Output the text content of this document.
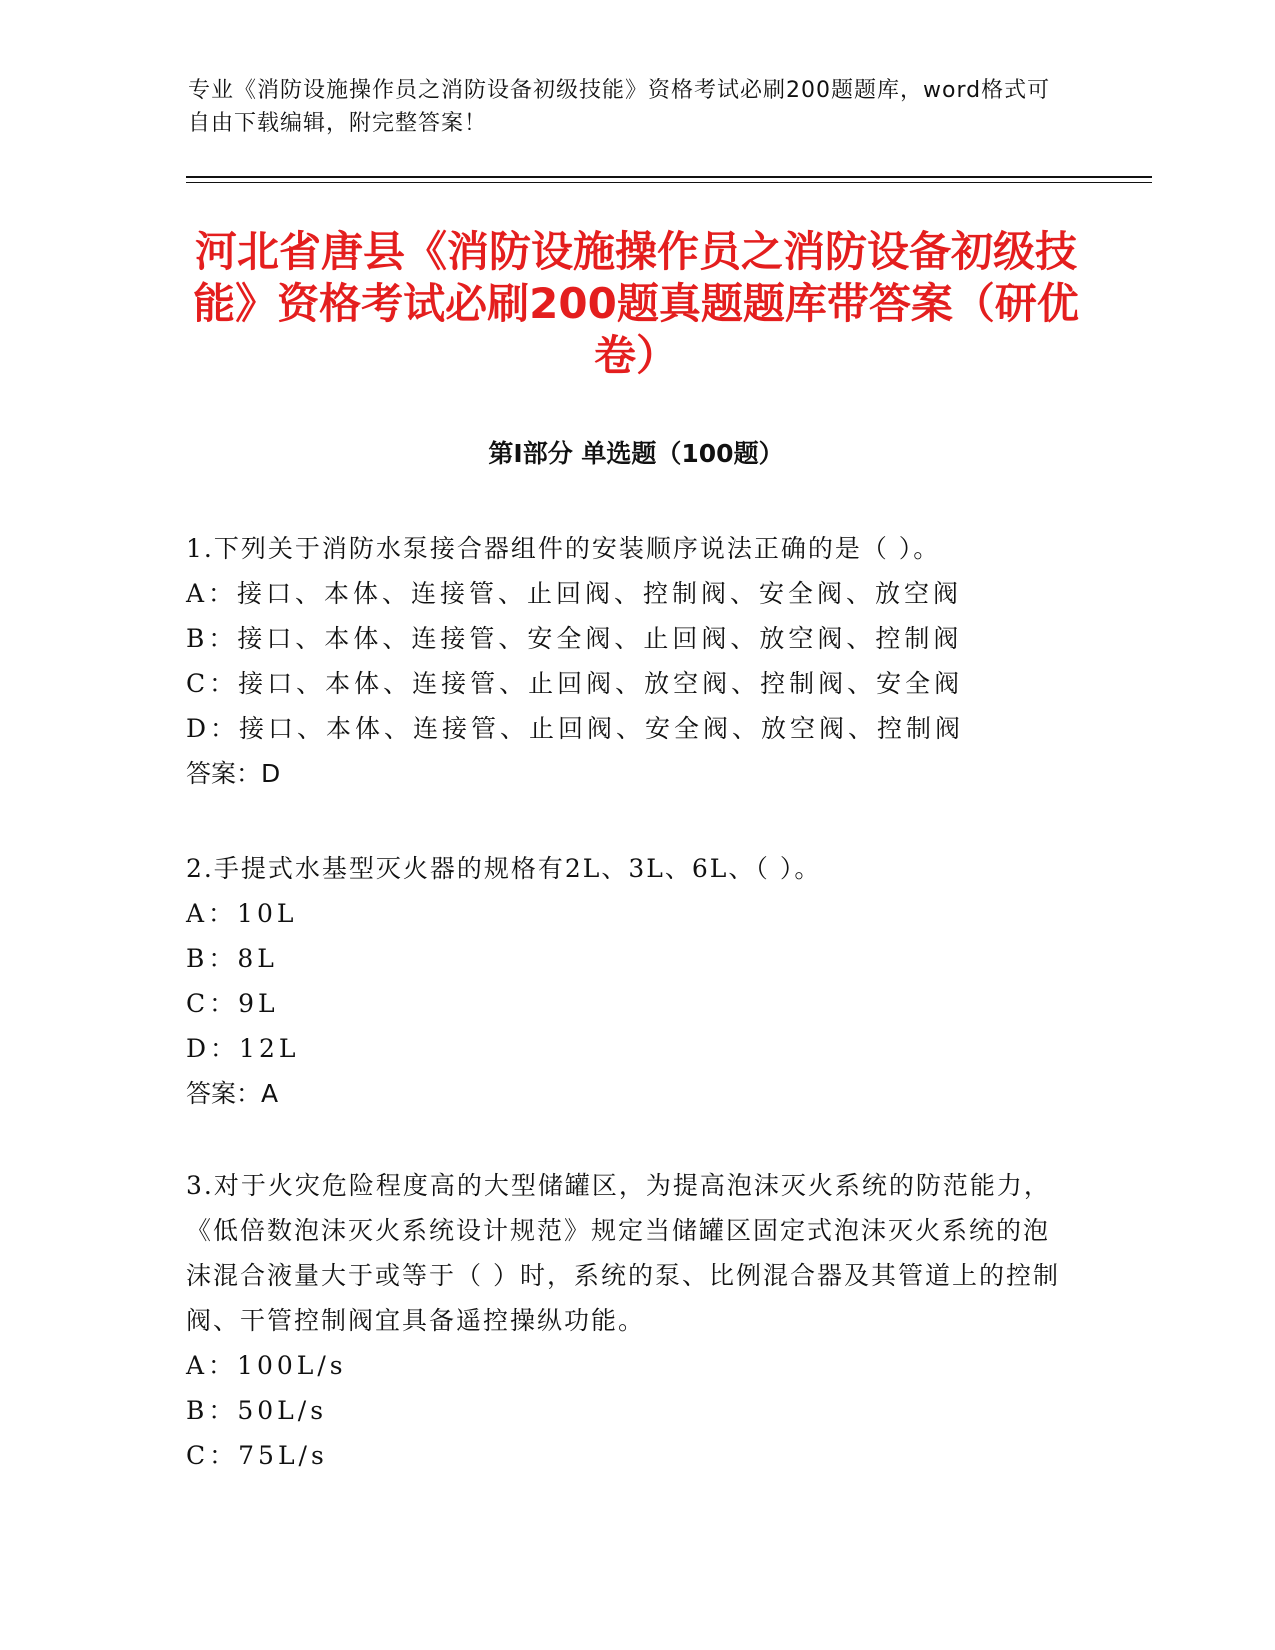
专业《消防设施操作员之消防设备初级技能》资格考试必刷200题题库，word格式可自由下载编辑，附完整答案！

河北省唐县《消防设施操作员之消防设备初级技能》资格考试必刷200题真题题库带答案（研优卷）
第I部分 单选题（100题）

1.下列关于消防水泵接合器组件的安装顺序说法正确的是（ ）。

A：接口、本体、连接管、止回阀、控制阀、安全阀、放空阀

B：接口、本体、连接管、安全阀、止回阀、放空阀、控制阀

C：接口、本体、连接管、止回阀、放空阀、控制阀、安全阀

D：接口、本体、连接管、止回阀、安全阀、放空阀、控制阀

答案：D

2.手提式水基型灭火器的规格有2L、3L、6L、（ ）。

A：10L

B：8L

C：9L

D：12L

答案：A

3.对于火灾危险程度高的大型储罐区，为提高泡沫灭火系统的防范能力，《低倍数泡沫灭火系统设计规范》规定当储罐区固定式泡沫灭火系统的泡沫混合液量大于或等于（ ）时，系统的泵、比例混合器及其管道上的控制阀、干管控制阀宜具备遥控操纵功能。

A：100L/s

B：50L/s

C：75L/s
